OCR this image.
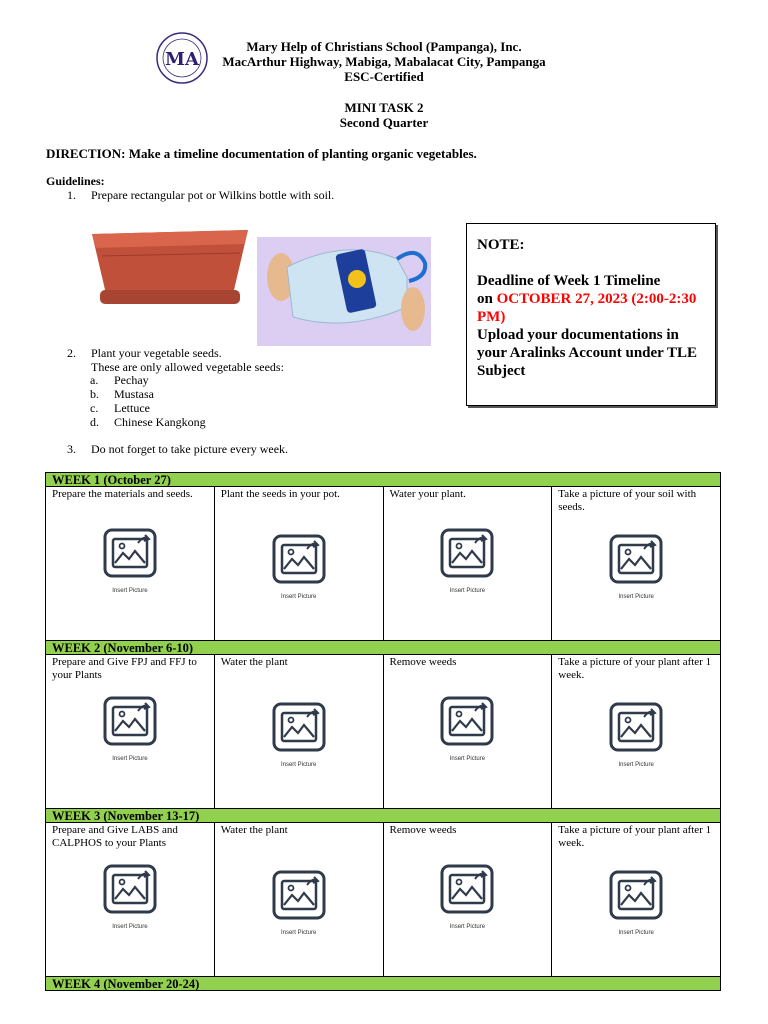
MA
Mary Help of Christians School (Pampanga), Inc.
MacArthur Highway, Mabiga, Mabalacat City, Pampanga
ESC-Certified
MINI TASK 2
Second Quarter
DIRECTION: Make a timeline documentation of planting organic vegetables.
Guidelines:
1. Prepare rectangular pot or Wilkins bottle with soil.
2. Plant your vegetable seeds.
These are only allowed vegetable seeds:
a. Pechay
b. Mustasa
c. Lettuce
d. Chinese Kangkong
3. Do not forget to take picture every week.
NOTE:
Deadline of Week 1 Timeline
on OCTOBER 27, 2023 (2:00-2:30 PM)
Upload your documentations in your Aralinks Account under TLE Subject
WEEK 1 (October 27)
Prepare the materials and seeds.
Insert Picture
Plant the seeds in your pot.
Insert Picture
Water your plant.
Insert Picture
Take a picture of your soil with seeds.
Insert Picture
WEEK 2 (November 6-10)
Prepare and Give FPJ and FFJ to your Plants
Insert Picture
Water the plant
Insert Picture
Remove weeds
Insert Picture
Take a picture of your plant after 1 week.
Insert Picture
WEEK 3 (November 13-17)
Prepare and Give LABS and CALPHOS to your Plants
Insert Picture
Water the plant
Insert Picture
Remove weeds
Insert Picture
Take a picture of your plant after 1 week.
Insert Picture
WEEK 4 (November 20-24)
